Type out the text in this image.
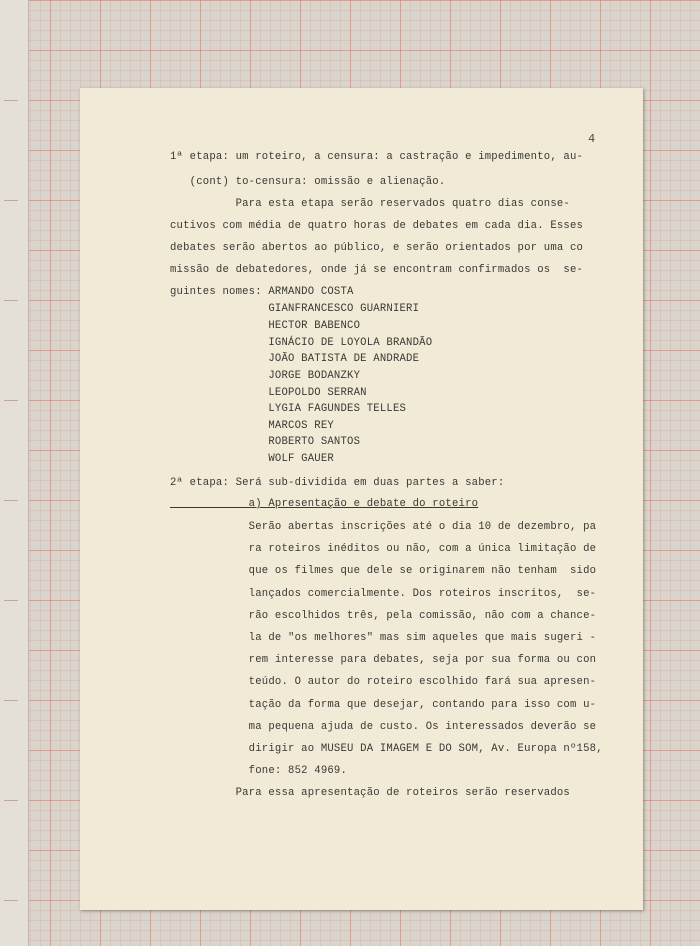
4

1ª etapa: um roteiro, a censura: a castração e impedimento, au-

(cont) to-censura: omissão e alienação.

Para esta etapa serão reservados quatro dias conse-

cutivos com média de quatro horas de debates em cada dia. Esses

debates serão abertos ao público, e serão orientados por uma co

missão de debatedores, onde já se encontram confirmados os  se-

guintes nomes: ARMANDO COSTA

GIANFRANCESCO GUARNIERI

HECTOR BABENCO

IGNÁCIO DE LOYOLA BRANDÃO

JOÃO BATISTA DE ANDRADE

JORGE BODANZKY

LEOPOLDO SERRAN

LYGIA FAGUNDES TELLES

MARCOS REY

ROBERTO SANTOS

WOLF GAUER

2ª etapa: Será sub-dividida em duas partes a saber:

a) Apresentação e debate do roteiro

Serão abertas inscrições até o dia 10 de dezembro, pa

ra roteiros inéditos ou não, com a única limitação de

que os filmes que dele se originarem não tenham  sido

lançados comercialmente. Dos roteiros inscritos,  se-

rão escolhidos três, pela comissão, não com a chance-

la de "os melhores" mas sim aqueles que mais sugeri -

rem interesse para debates, seja por sua forma ou con

teúdo. O autor do roteiro escolhido fará sua apresen-

tação da forma que desejar, contando para isso com u-

ma pequena ajuda de custo. Os interessados deverão se

dirigir ao MUSEU DA IMAGEM E DO SOM, Av. Europa nº158,

fone: 852 4969.

Para essa apresentação de roteiros serão reservados
